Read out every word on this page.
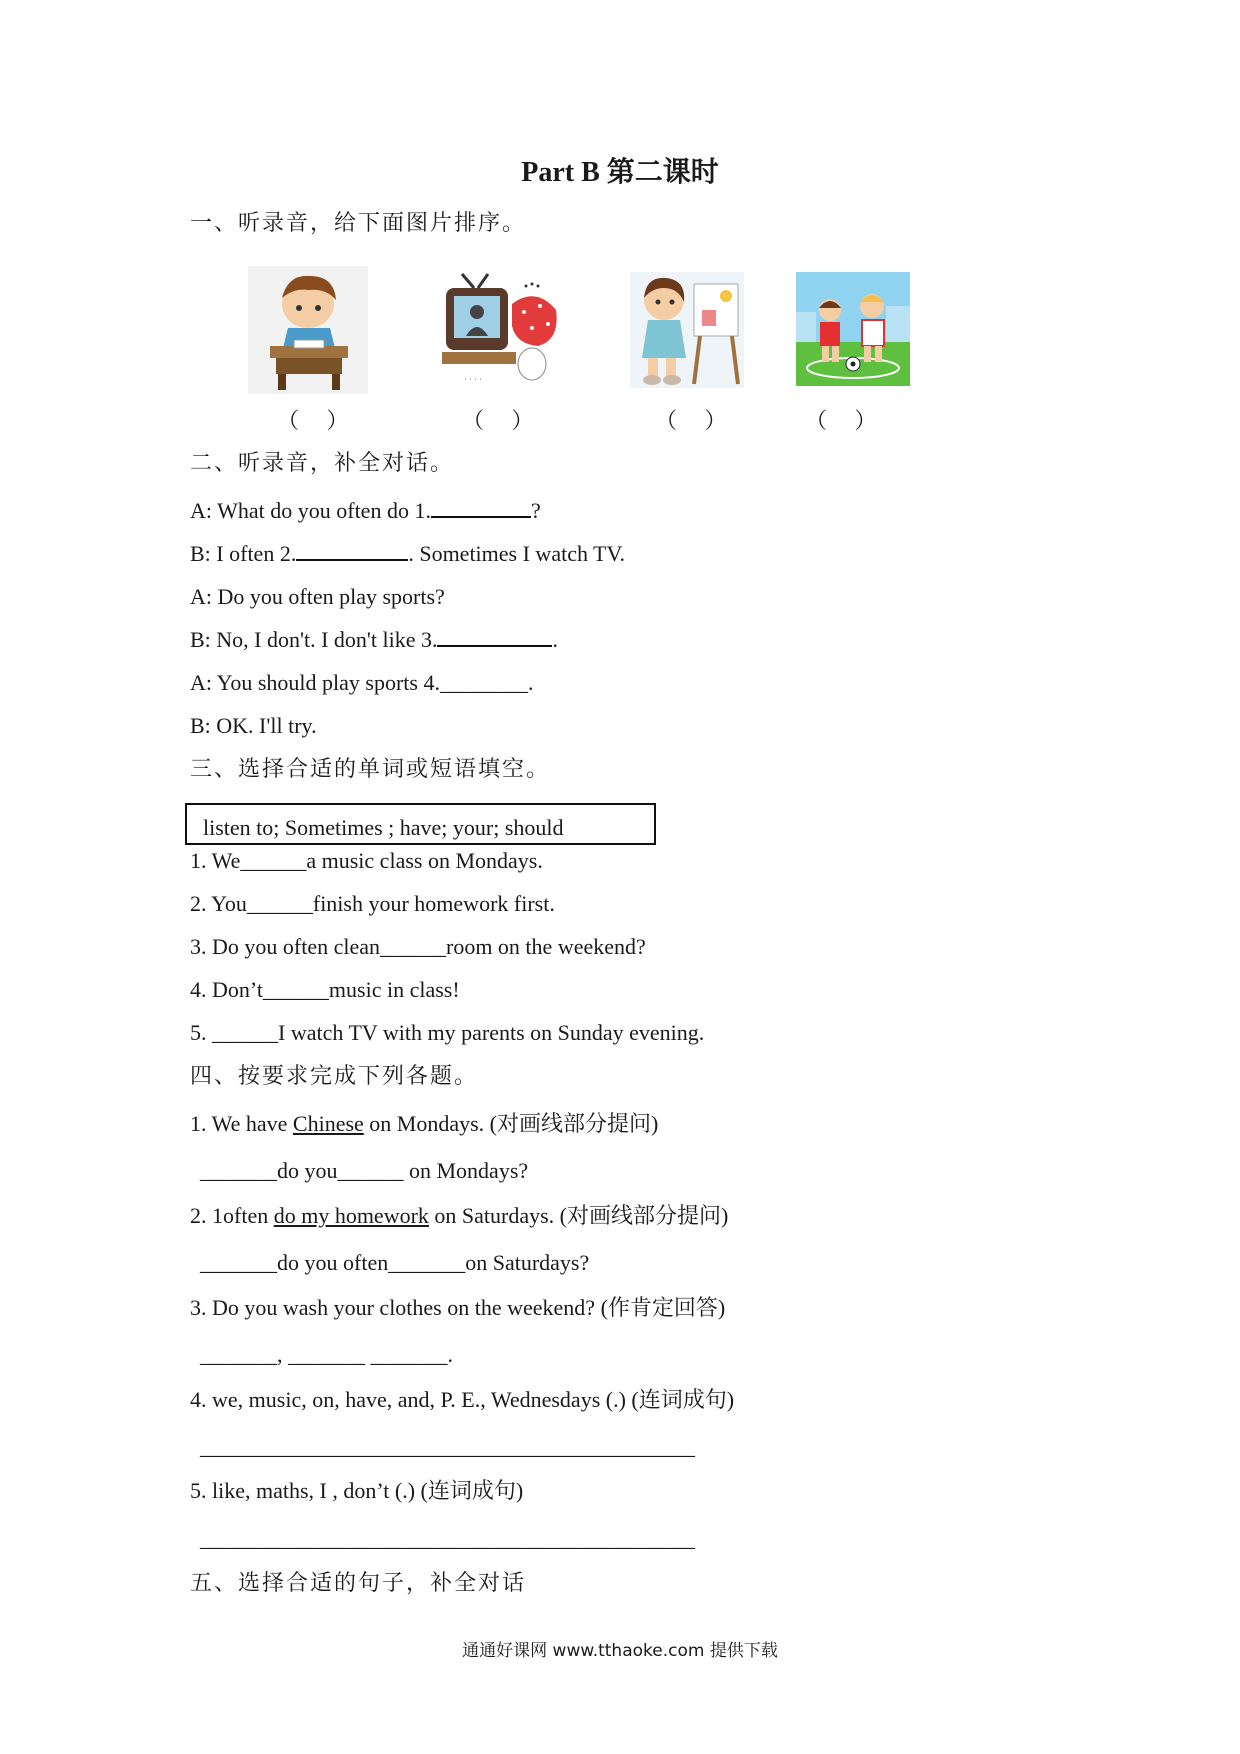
Part B 第二课时
一、听录音，给下面图片排序。
（　 ）
· · · ·
（　 ）	（　 ）	（　 ）
二、听录音，补全对话。
A: What do you often do 1.	?
B: I often 2.	. Sometimes I watch TV.
A: Do you often play sports?
B: No, I don't. I don't like 3.	.
A: You should play sports 4.________.
B: OK. I'll try.
三、选择合适的单词或短语填空。
listen to; Sometimes ; have; your; should
1. We______a music class on Mondays.
2. You______finish your homework first.
3. Do you often clean______room on the weekend?
4. Don’t______music in class!
5. ______I watch TV with my parents on Sunday evening.
四、按要求完成下列各题。
1. We have Chinese on Mondays. (对画线部分提问)
_______do you______ on Mondays?
2. 1often do my homework on Saturdays. (对画线部分提问)
_______do you often_______on Saturdays?
3. Do you wash your clothes on the weekend? (作肯定回答)
_______, _______ _______.
4. we, music, on, have, and, P. E., Wednesdays (.) (连词成句)
_____________________________________________
5. like, maths, I , don’t (.) (连词成句)
_____________________________________________
五、选择合适的句子，补全对话
通通好课网 www.tthaoke.com 提供下载
